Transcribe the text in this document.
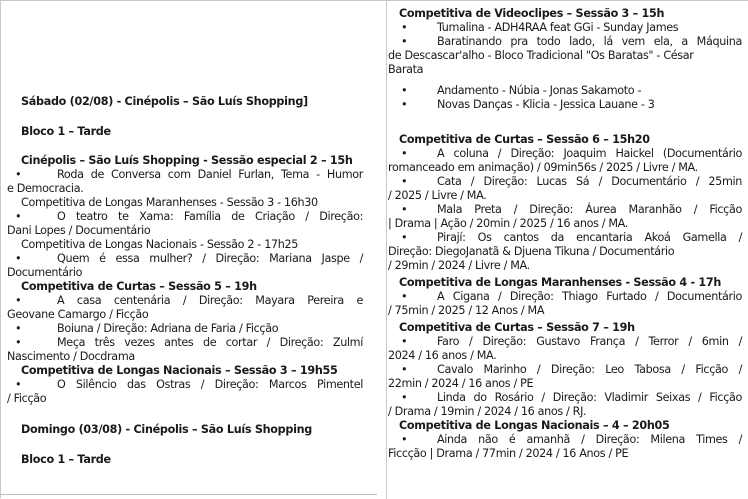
Sábado (02/08) - Cinépolis – São Luís Shopping]
Bloco 1 – Tarde
Cinépolis – São Luís Shopping - Sessão especial 2 – 15h
•	Roda de Conversa com Daniel Furlan, Tema - Humor
e Democracia.
Competitiva de Longas Maranhenses - Sessão 3 - 16h30
•	O teatro te Xama: Família de Criação / Direção:
Dani Lopes / Documentário
Competitiva de Longas Nacionais - Sessão 2 - 17h25
•	Quem é essa mulher? / Direção: Mariana Jaspe /
Documentário
Competitiva de Curtas – Sessão 5 – 19h
•	A casa centenária / Direção: Mayara Pereira e
Geovane Camargo / Ficção
•	Boiuna / Direção: Adriana de Faria / Ficção
•	Meça três vezes antes de cortar / Direção: Zulmí
Nascimento / Docdrama
Competitiva de Longas Nacionais – Sessão 3 – 19h55
•	O Silêncio das Ostras / Direção: Marcos Pimentel
/ Ficção
Domingo (03/08) - Cinépolis – São Luís Shopping
Bloco 1 – Tarde
Competitiva de Videoclipes – Sessão 3 – 15h
•	Tumalina - ADH4RAA feat GGi - Sunday James
•	Baratinando pra todo lado, lá vem ela, a Máquina
de Descascar'alho - Bloco Tradicional "Os Baratas" - César
Barata
•	Andamento - Núbia - Jonas Sakamoto -
•	Novas Danças - Klicia - Jessica Lauane - 3
Competitiva de Curtas – Sessão 6 – 15h20
•	A coluna / Direção: Joaquim Haickel (Documentário
romanceado em animação) / 09min56s / 2025 / Livre / MA.
•	Cata / Direção: Lucas Sá / Documentário / 25min
/ 2025 / Livre / MA.
•	Mala Preta / Direção: Áurea Maranhão / Ficção
| Drama | Ação / 20min / 2025 / 16 anos / MA.
•	Pirají: Os cantos da encantaria Akoá Gamella /
Direção: DiegoJanatã & Djuena Tikuna / Documentário
/ 29min / 2024 / Livre / MA.
Competitiva de Longas Maranhenses - Sessão 4 - 17h
•	A Cigana / Direção: Thiago Furtado / Documentário
/ 75min / 2025 / 12 Anos / MA
Competitiva de Curtas – Sessão 7 – 19h
•	Faro / Direção: Gustavo França / Terror / 6min /
2024 / 16 anos / MA.
•	Cavalo Marinho / Direção: Leo Tabosa / Ficção /
22min / 2024 / 16 anos / PE
•	Linda do Rosário / Direção: Vladimir Seixas / Ficção
/ Drama / 19min / 2024 / 16 anos / RJ.
Competitiva de Longas Nacionais – 4 – 20h05
•	Ainda não é amanhã / Direção: Milena Times /
Ficcção | Drama / 77min / 2024 / 16 Anos / PE
